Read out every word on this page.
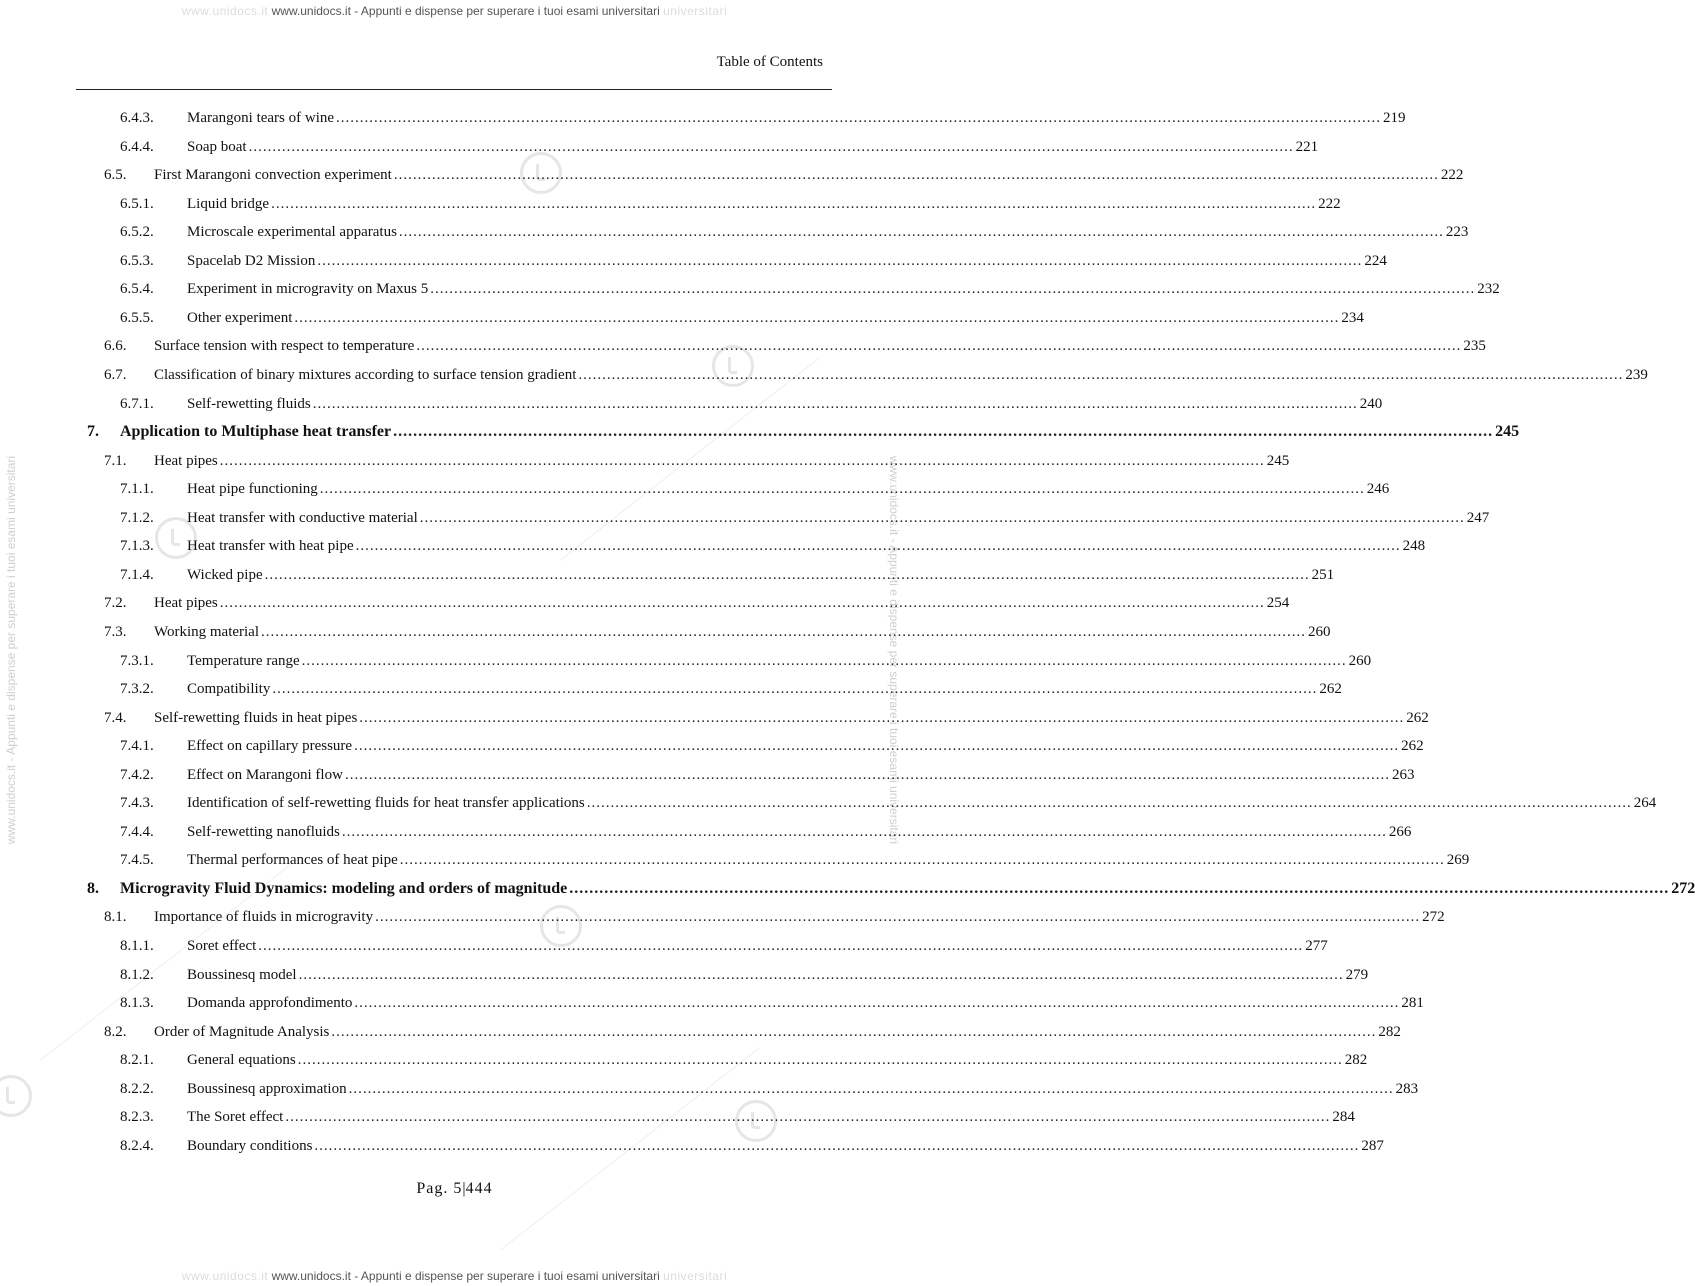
www.unidocs.it www.unidocs.it - Appunti e dispense per superare i tuoi esami universitari universitari
www.unidocs.it - Appunti e dispense per superare i tuoi esami universitari	www.unidocs.it - Appunti e dispense per superare i tuoi esami universitari
Table of Contents
6.4.3. Marangoni tears of wine ............................................................................................................................................................................................................................ 219
6.4.4. Soap boat ............................................................................................................................................................................................................................ 221
6.5. First Marangoni convection experiment ............................................................................................................................................................................................................................ 222
6.5.1. Liquid bridge ............................................................................................................................................................................................................................ 222
6.5.2. Microscale experimental apparatus ............................................................................................................................................................................................................................ 223
6.5.3. Spacelab D2 Mission ............................................................................................................................................................................................................................ 224
6.5.4. Experiment in microgravity on Maxus 5 ............................................................................................................................................................................................................................ 232
6.5.5. Other experiment ............................................................................................................................................................................................................................ 234
6.6. Surface tension with respect to temperature ............................................................................................................................................................................................................................ 235
6.7. Classification of binary mixtures according to surface tension gradient ............................................................................................................................................................................................................................ 239
6.7.1. Self-rewetting fluids ............................................................................................................................................................................................................................ 240
7. Application to Multiphase heat transfer ............................................................................................................................................................................................................................ 245
7.1. Heat pipes ............................................................................................................................................................................................................................ 245
7.1.1. Heat pipe functioning ............................................................................................................................................................................................................................ 246
7.1.2. Heat transfer with conductive material ............................................................................................................................................................................................................................ 247
7.1.3. Heat transfer with heat pipe ............................................................................................................................................................................................................................ 248
7.1.4. Wicked pipe ............................................................................................................................................................................................................................ 251
7.2. Heat pipes ............................................................................................................................................................................................................................ 254
7.3. Working material ............................................................................................................................................................................................................................ 260
7.3.1. Temperature range ............................................................................................................................................................................................................................ 260
7.3.2. Compatibility ............................................................................................................................................................................................................................ 262
7.4. Self-rewetting fluids in heat pipes ............................................................................................................................................................................................................................ 262
7.4.1. Effect on capillary pressure ............................................................................................................................................................................................................................ 262
7.4.2. Effect on Marangoni flow ............................................................................................................................................................................................................................ 263
7.4.3. Identification of self-rewetting fluids for heat transfer applications ............................................................................................................................................................................................................................ 264
7.4.4. Self-rewetting nanofluids ............................................................................................................................................................................................................................ 266
7.4.5. Thermal performances of heat pipe ............................................................................................................................................................................................................................ 269
8. Microgravity Fluid Dynamics: modeling and orders of magnitude ............................................................................................................................................................................................................................ 272
8.1. Importance of fluids in microgravity ............................................................................................................................................................................................................................ 272
8.1.1. Soret effect ............................................................................................................................................................................................................................ 277
8.1.2. Boussinesq model ............................................................................................................................................................................................................................ 279
8.1.3. Domanda approfondimento ............................................................................................................................................................................................................................ 281
8.2. Order of Magnitude Analysis ............................................................................................................................................................................................................................ 282
8.2.1. General equations ............................................................................................................................................................................................................................ 282
8.2.2. Boussinesq approximation ............................................................................................................................................................................................................................ 283
8.2.3. The Soret effect ............................................................................................................................................................................................................................ 284
8.2.4. Boundary conditions ............................................................................................................................................................................................................................ 287
Pag. 5|444
www.unidocs.it www.unidocs.it - Appunti e dispense per superare i tuoi esami universitari universitari
